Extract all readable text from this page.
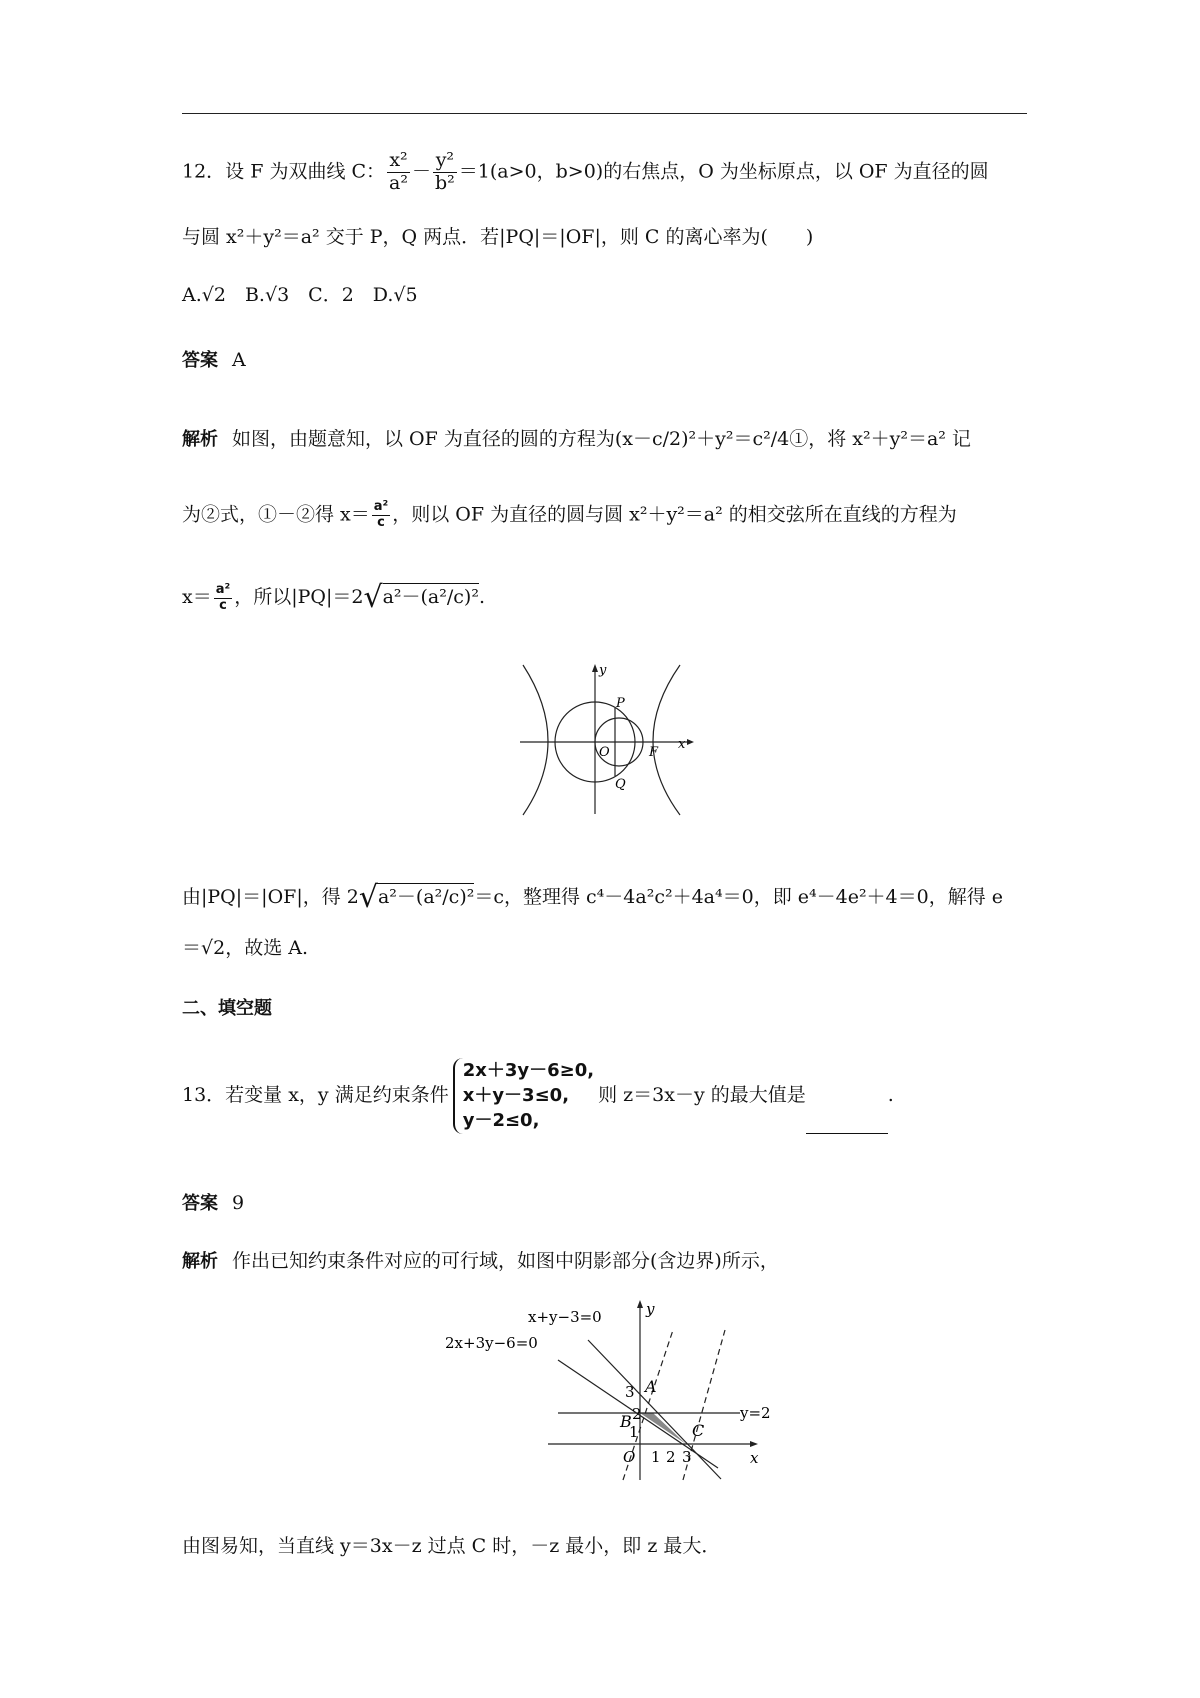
12．设 F 为双曲线 C： $\frac{\text{x²}}{\text{a²}} - \frac{\text{y²}}{\text{b²}} =1(a>0$，b>0)的右焦点，O 为坐标原点，以 OF 为直径的圆
与圆 x²＋y²＝a² 交于 P，Q 两点．若|PQ|＝|OF|，则 C 的离心率为(　　)
A.√2　B.√3　C．2　D.√5
答案 A
解析 如图，由题意知，以 OF 为直径的圆的方程为(x－c/2)²＋y²＝c²/4①，将 x²＋y²＝a² 记
为②式，①－②得 $x= \frac{\text{a²}}{c}$ ，则以 OF 为直径的圆与圆 x²＋y²＝a² 的相交弦所在直线的方程为
$x= \frac{\text{a²}}{c}$ ，所以|PQ|＝2√a²－(a²/c)².
y
x
P
O	F
Q
由|PQ|＝|OF|，得 2√a²－(a²/c)²＝c，整理得 c⁴－4a²c²＋4a⁴＝0，即 e⁴－4e²＋4＝0，解得 e
＝√2，故选 A.
二、填空题
13．若变量 x，y 满足约束条件
2x＋3y－6≥0,
x＋y－3≤0,
y－2≤0,
则 z＝3x－y 的最大值是	.
答案 9
解析 作出已知约束条件对应的可行域，如图中阴影部分(含边界)所示，
x+y−3=0
2x+3y−6=0
y=2
y
x
A
B	C
O
3
2
1
1 2 3
由图易知，当直线 y＝3x－z 过点 C 时，－z 最小，即 z 最大．
